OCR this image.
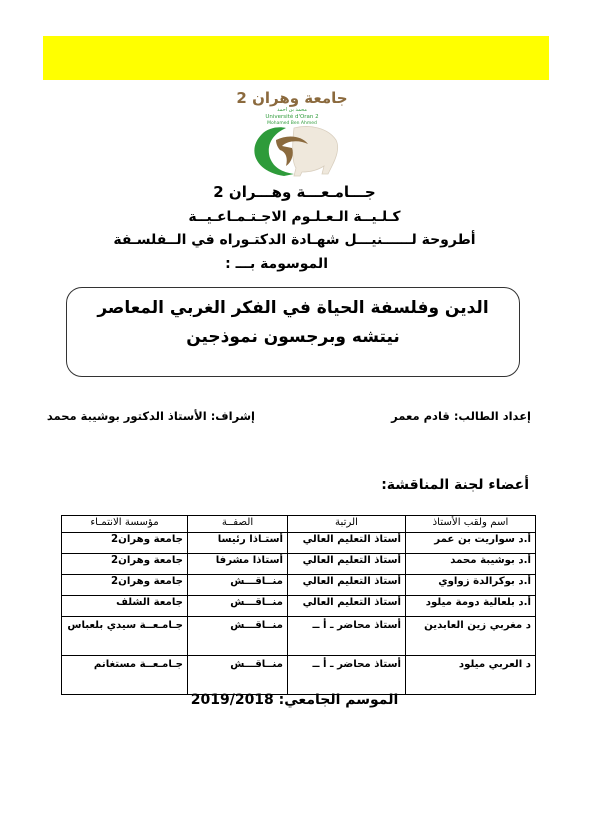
جامعة وهران 2
محمد بن احمد
Université d'Oran 2
Mohamed Ben Ahmed
جـــامـعـــة وهـــران 2
كـلـيــة الـعـلـوم الاجـتـمـاعـيــة
أطروحة لــــــنيـــل شهـادة الدكتـوراه في الــفلسـفة
الموسومة بـــ :
الدين وفلسفة الحياة في الفكر الغربي المعاصر
نيتشه وبرجسون نموذجين
إعداد الطالب: قادم معمر
إشراف: الأستاذ الدكتور بوشيبة محمد
أعضاء لجنة المناقشة:
اسم ولقب الأستاذ	الرتبة	الصفــة	مؤسسة الانتمـاء
أ.د سواريت بن عمر	أستاذ التعليم العالي	أستـاذا رئيسا	جامعة وهران2
أ.د بوشيبة محمد	أستاذ التعليم العالي	أستاذا مشرفا	جامعة وهران2
أ.د بوكرالدة زواوي	أستاذ التعليم العالي	منــاقـــش	جامعة وهران2
أ.د بلعالية دومة ميلود	أستاذ التعليم العالي	منــاقـــش	جامعة الشلف
د مغربي زين العابدين	أستاذ محاضر ـ أ ــ	منــاقـــش	جـامـعــة سيدي بلعباس
د العربي ميلود	أستاذ محاضر ـ أ ــ	منــاقـــش	جـامـعــة مستغانم
الموسم الجامعي: 2019/2018
